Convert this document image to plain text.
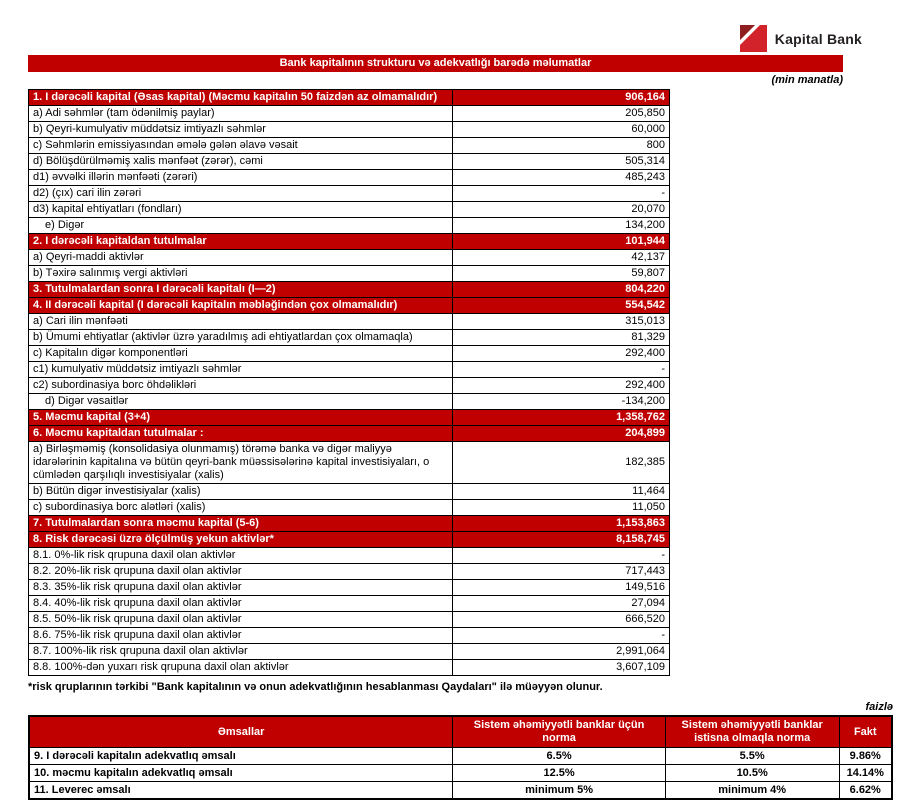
Kapital Bank
Bank kapitalının strukturu və adekvatlığı barədə məlumatlar
(min manatla)
1. I dərəcəli kapital (Əsas kapital) (Məcmu kapitalın 50 faizdən az olmamalıdır)	906,164
a) Adi səhmlər (tam ödənilmiş paylar)	205,850
b) Qeyri-kumulyativ müddətsiz imtiyazlı səhmlər	60,000
c) Səhmlərin emissiyasından əmələ gələn əlavə vəsait	800
d) Bölüşdürülməmiş xalis mənfəət (zərər), cəmi	505,314
d1) əvvəlki illərin mənfəəti (zərəri)	485,243
d2) (çıx) cari ilin zərəri	-
d3) kapital ehtiyatları (fondları)	20,070
e) Digər	134,200
2. I dərəcəli kapitaldan tutulmalar	101,944
a) Qeyri-maddi aktivlər	42,137
b) Təxirə salınmış vergi aktivləri	59,807
3. Tutulmalardan sonra I dərəcəli kapitalı (I—2)	804,220
4. II dərəcəli kapital (I dərəcəli kapitalın məbləğindən çox olmamalıdır)	554,542
a) Cari ilin mənfəəti	315,013
b) Ümumi ehtiyatlar (aktivlər üzrə yaradılmış adi ehtiyatlardan çox olmamaqla)	81,329
c) Kapitalın digər komponentləri	292,400
c1) kumulyativ müddətsiz imtiyazlı səhmlər	-
c2) subordinasiya borc öhdəlikləri	292,400
d) Digər vəsaitlər	-134,200
5. Məcmu kapital (3+4)	1,358,762
6. Məcmu kapitaldan tutulmalar :	204,899
a) Birləşməmiş (konsolidasiya olunmamış) törəmə banka və digər maliyyə idarələrinin kapitalına və bütün qeyri-bank müəssisələrinə kapital investisiyaları, o cümlədən qarşılıqlı investisiyalar (xalis)	182,385
b) Bütün digər investisiyalar (xalis)	11,464
c) subordinasiya borc alətləri (xalis)	11,050
7. Tutulmalardan sonra məcmu kapital (5-6)	1,153,863
8. Risk dərəcəsi üzrə ölçülmüş yekun aktivlər*	8,158,745
8.1. 0%-lik risk qrupuna daxil olan aktivlər	-
8.2. 20%-lik risk qrupuna daxil olan aktivlər	717,443
8.3. 35%-lik risk qrupuna daxil olan aktivlər	149,516
8.4. 40%-lik risk qrupuna daxil olan aktivlər	27,094
8.5. 50%-lik risk qrupuna daxil olan aktivlər	666,520
8.6. 75%-lik risk qrupuna daxil olan aktivlər	-
8.7. 100%-lik risk qrupuna daxil olan aktivlər	2,991,064
8.8. 100%-dən yuxarı risk qrupuna daxil olan aktivlər	3,607,109
*risk qruplarının tərkibi "Bank kapitalının və onun adekvatlığının hesablanması Qaydaları" ilə müəyyən olunur.
faizlə
Əmsallar	Sistem əhəmiyyətli banklar üçün norma	Sistem əhəmiyyətli banklar istisna olmaqla norma	Fakt
9. I dərəcəli kapitalın adekvatlıq əmsalı	6.5%	5.5%	9.86%
10. məcmu kapitalın adekvatlıq əmsalı	12.5%	10.5%	14.14%
11. Leverec əmsalı	minimum 5%	minimum 4%	6.62%
